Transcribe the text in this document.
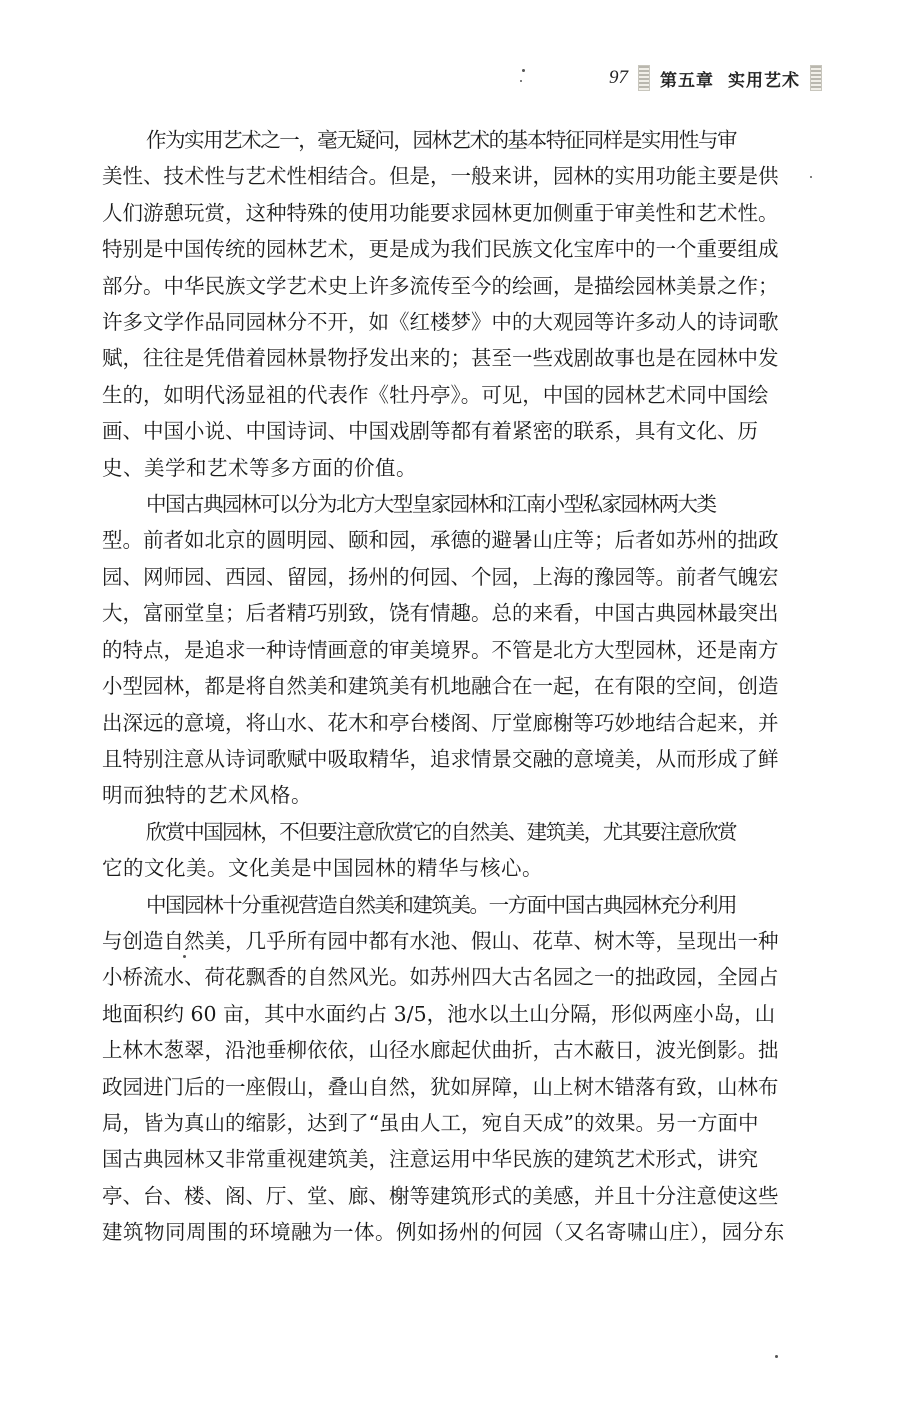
97 第五章 实用艺术
作为实用艺术之一，毫无疑问，园林艺术的基本特征同样是实用性与审
美性、技术性与艺术性相结合。但是，一般来讲，园林的实用功能主要是供
人们游憩玩赏，这种特殊的使用功能要求园林更加侧重于审美性和艺术性。
特别是中国传统的园林艺术，更是成为我们民族文化宝库中的一个重要组成
部分。中华民族文学艺术史上许多流传至今的绘画，是描绘园林美景之作；
许多文学作品同园林分不开，如《红楼梦》中的大观园等许多动人的诗词歌
赋，往往是凭借着园林景物抒发出来的；甚至一些戏剧故事也是在园林中发
生的，如明代汤显祖的代表作《牡丹亭》。可见，中国的园林艺术同中国绘
画、中国小说、中国诗词、中国戏剧等都有着紧密的联系，具有文化、历
史、美学和艺术等多方面的价值。
中国古典园林可以分为北方大型皇家园林和江南小型私家园林两大类
型。前者如北京的圆明园、颐和园，承德的避暑山庄等；后者如苏州的拙政
园、网师园、西园、留园，扬州的何园、个园，上海的豫园等。前者气魄宏
大，富丽堂皇；后者精巧别致，饶有情趣。总的来看，中国古典园林最突出
的特点，是追求一种诗情画意的审美境界。不管是北方大型园林，还是南方
小型园林，都是将自然美和建筑美有机地融合在一起，在有限的空间，创造
出深远的意境，将山水、花木和亭台楼阁、厅堂廊榭等巧妙地结合起来，并
且特别注意从诗词歌赋中吸取精华，追求情景交融的意境美，从而形成了鲜
明而独特的艺术风格。
欣赏中国园林，不但要注意欣赏它的自然美、建筑美，尤其要注意欣赏
它的文化美。文化美是中国园林的精华与核心。
中国园林十分重视营造自然美和建筑美。一方面中国古典园林充分利用
与创造自然美，几乎所有园中都有水池、假山、花草、树木等，呈现出一种
小桥流水、荷花飘香的自然风光。如苏州四大古名园之一的拙政园，全园占
地面积约 60 亩，其中水面约占 3/5，池水以土山分隔，形似两座小岛，山
上林木葱翠，沿池垂柳依依，山径水廊起伏曲折，古木蔽日，波光倒影。拙
政园进门后的一座假山，叠山自然，犹如屏障，山上树木错落有致，山林布
局，皆为真山的缩影，达到了“虽由人工，宛自天成”的效果。另一方面中
国古典园林又非常重视建筑美，注意运用中华民族的建筑艺术形式，讲究
亭、台、楼、阁、厅、堂、廊、榭等建筑形式的美感，并且十分注意使这些
建筑物同周围的环境融为一体。例如扬州的何园（又名寄啸山庄），园分东
